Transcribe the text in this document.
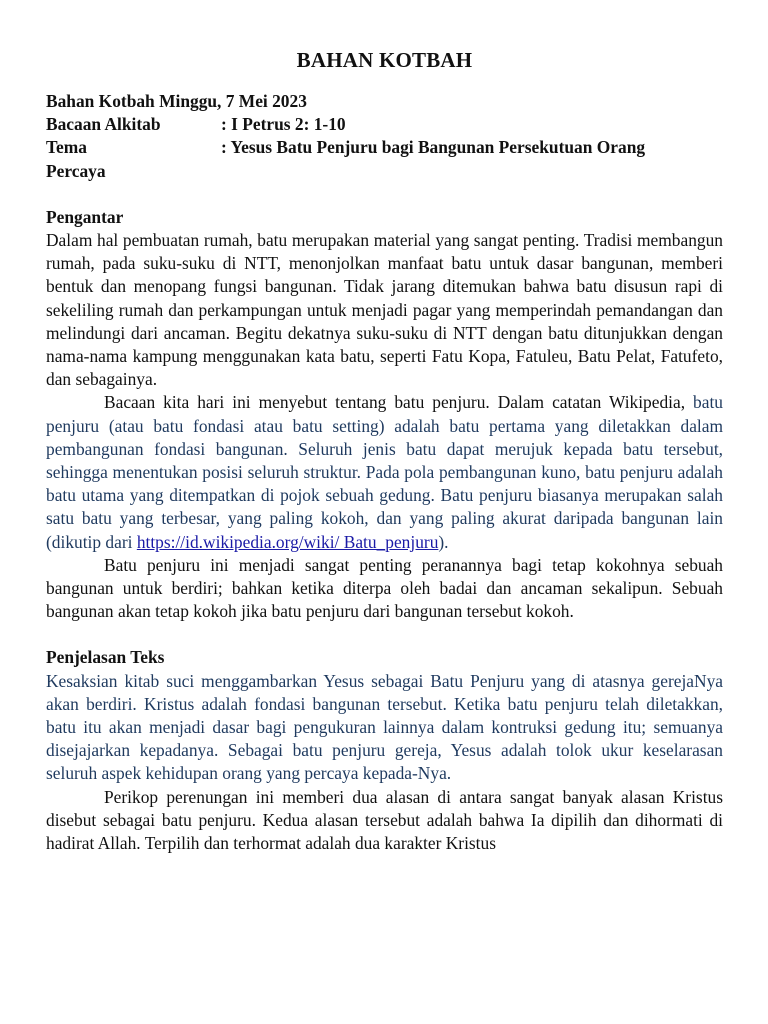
BAHAN KOTBAH
Bahan Kotbah Minggu, 7 Mei 2023
Bacaan Alkitab	: I Petrus 2: 1-10
Tema	: Yesus Batu Penjuru bagi Bangunan Persekutuan Orang
Percaya
Pengantar

Dalam hal pembuatan rumah, batu merupakan material yang sangat penting. Tradisi membangun rumah, pada suku-suku di NTT, menonjolkan manfaat batu untuk dasar bangunan, memberi bentuk dan menopang fungsi bangunan. Tidak jarang ditemukan bahwa batu disusun rapi di sekeliling rumah dan perkampungan untuk menjadi pagar yang memperindah pemandangan dan melindungi dari ancaman. Begitu dekatnya suku-suku di NTT dengan batu ditunjukkan dengan nama-nama kampung menggunakan kata batu, seperti Fatu Kopa, Fatuleu, Batu Pelat, Fatufeto, dan sebagainya.

Bacaan kita hari ini menyebut tentang batu penjuru. Dalam catatan Wikipedia, batu penjuru (atau batu fondasi atau batu setting) adalah batu pertama yang diletakkan dalam pembangunan fondasi bangunan. Seluruh jenis batu dapat merujuk kepada batu tersebut, sehingga menentukan posisi seluruh struktur. Pada pola pembangunan kuno, batu penjuru adalah batu utama yang ditempatkan di pojok sebuah gedung. Batu penjuru biasanya merupakan salah satu batu yang terbesar, yang paling kokoh, dan yang paling akurat daripada bangunan lain (dikutip dari https://id.wikipedia.org/wiki/ Batu_penjuru).

Batu penjuru ini menjadi sangat penting peranannya bagi tetap kokohnya sebuah bangunan untuk berdiri; bahkan ketika diterpa oleh badai dan ancaman sekalipun. Sebuah bangunan akan tetap kokoh jika batu penjuru dari bangunan tersebut kokoh.

Penjelasan Teks

Kesaksian kitab suci menggambarkan Yesus sebagai Batu Penjuru yang di atasnya gerejaNya akan berdiri. Kristus adalah fondasi bangunan tersebut. Ketika batu penjuru telah diletakkan, batu itu akan menjadi dasar bagi pengukuran lainnya dalam kontruksi gedung itu; semuanya disejajarkan kepadanya. Sebagai batu penjuru gereja, Yesus adalah tolok ukur keselarasan seluruh aspek kehidupan orang yang percaya kepada-Nya.

Perikop perenungan ini memberi dua alasan di antara sangat banyak alasan Kristus disebut sebagai batu penjuru. Kedua alasan tersebut adalah bahwa Ia dipilih dan dihormati di hadirat Allah. Terpilih dan terhormat adalah dua karakter Kristus
